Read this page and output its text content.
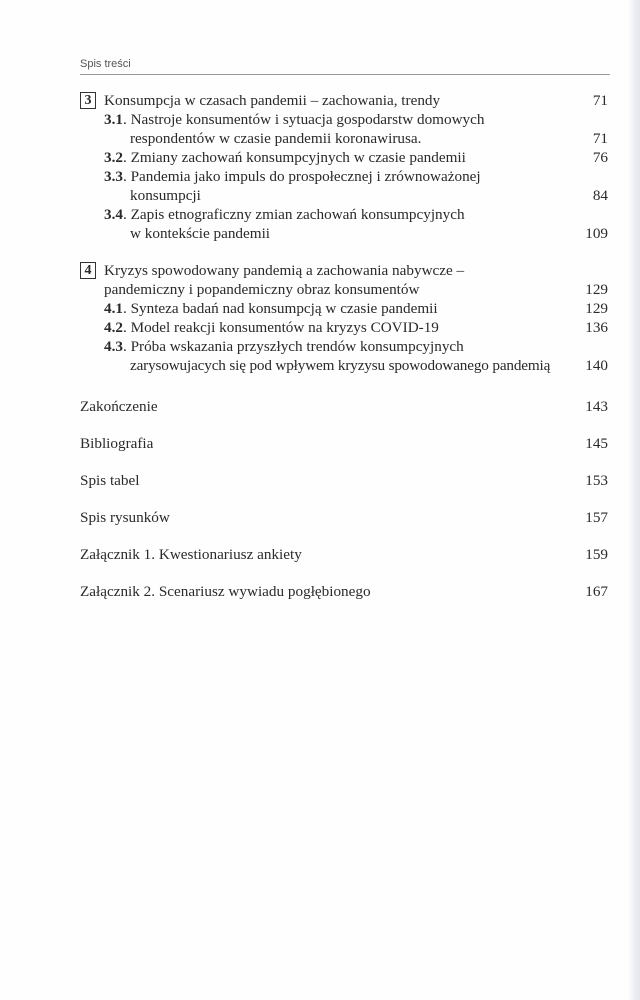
Spis treści
3 Konsumpcja w czasach pandemii – zachowania, trendy	71
3.1. Nastroje konsumentów i sytuacja gospodarstw domowych
respondentów w czasie pandemii koronawirusa.	71
3.2. Zmiany zachowań konsumpcyjnych w czasie pandemii	76
3.3. Pandemia jako impuls do prospołecznej i zrównoważonej
konsumpcji	84
3.4. Zapis etnograficzny zmian zachowań konsumpcyjnych
w kontekście pandemii	109
4 Kryzys spowodowany pandemią a zachowania nabywcze –
pandemiczny i popandemiczny obraz konsumentów	129
4.1. Synteza badań nad konsumpcją w czasie pandemii	129
4.2. Model reakcji konsumentów na kryzys COVID-19	136
4.3. Próba wskazania przyszłych trendów konsumpcyjnych
zarysowujacych się pod wpływem kryzysu spowodowanego pandemią 140
Zakończenie	143
Bibliografia	145
Spis tabel	153
Spis rysunków	157
Załącznik 1. Kwestionariusz ankiety	159
Załącznik 2. Scenariusz wywiadu pogłębionego	167
